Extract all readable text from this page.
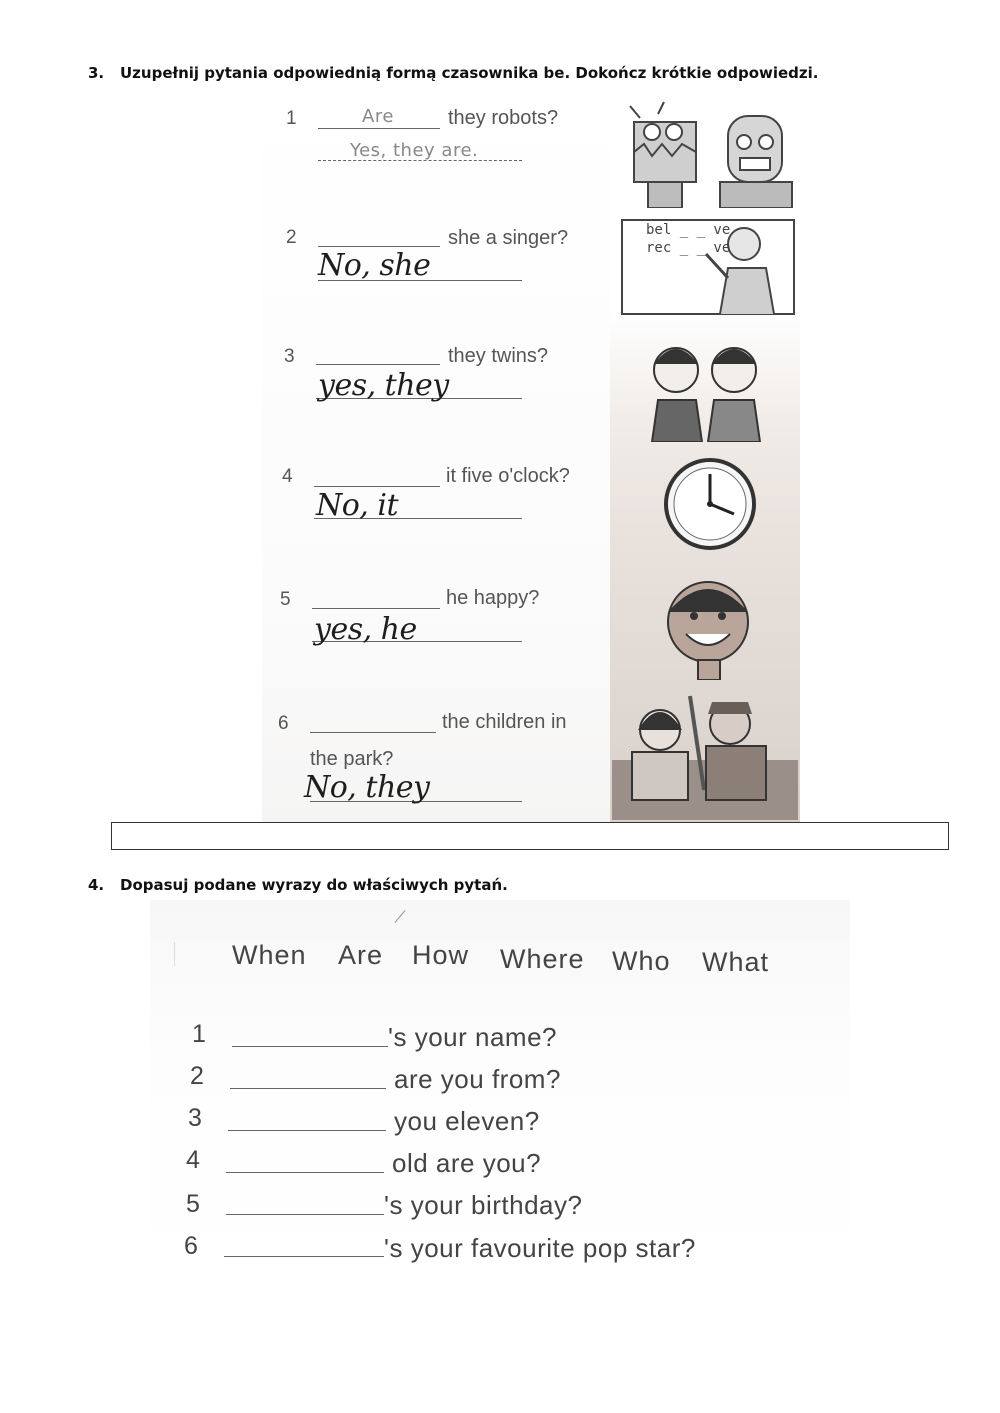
3. Uzupełnij pytania odpowiednią formą czasownika be. Dokończ krótkie odpowiedzi.
1	Are	they robots?
Yes, they are.
2	she a singer?
No, she
bel _ _ ve
rec _ _ ve
3	they twins?
yes, they
4	it five o'clock?
No, it
5	he happy?
yes, he
6	the children in
the park?
No, they
4. Dopasuj podane wyrazy do właściwych pytań.
When Are How Where Who What
1	's your name?
2	are you from?
3	you eleven?
4	old are you?
5	's your birthday?
6	's your favourite pop star?
